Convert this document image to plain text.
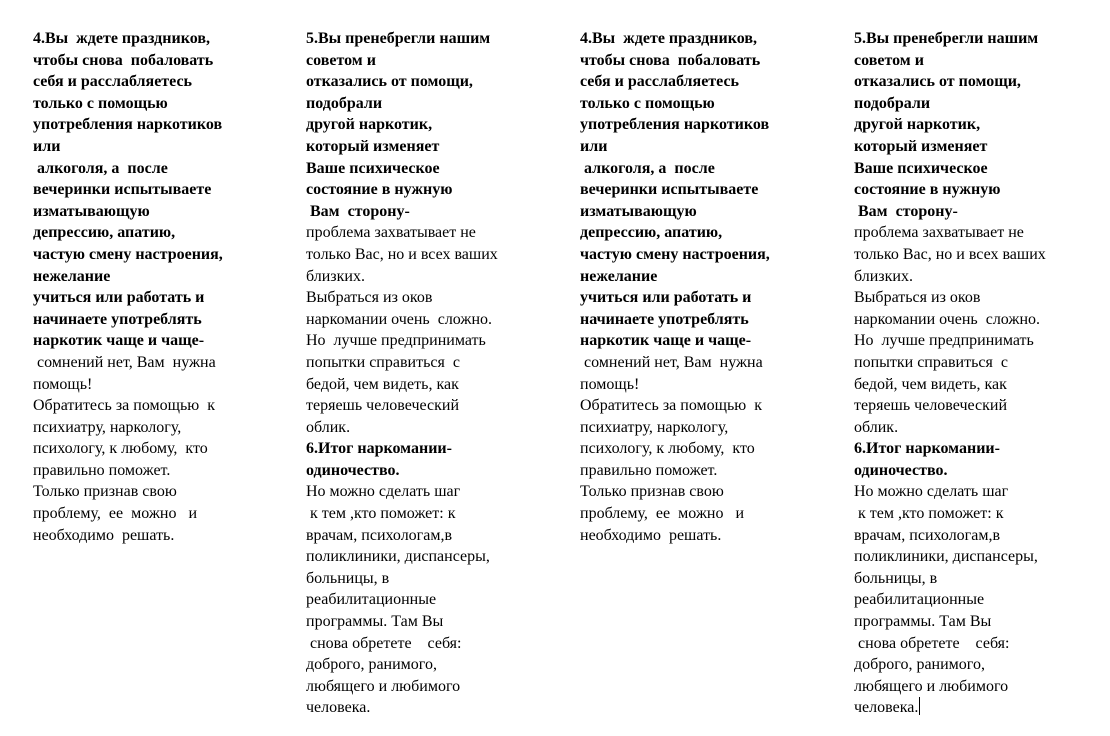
4.Вы  ждете праздников,
чтобы снова  побаловать
себя и расслабляетесь
только с помощью
употребления наркотиков
или
алкоголя, а  после
вечеринки испытываете
изматывающую
депрессию, апатию,
частую смену настроения,
нежелание
учиться или работать и
начинаете употреблять
наркотик чаще и чаще-
сомнений нет, Вам  нужна
помощь!
Обратитесь за помощью  к
психиатру, наркологу,
психологу, к любому,  кто
правильно поможет.
Только признав свою
проблему,  ее  можно   и
необходимо  решать.
5.Вы пренебрегли нашим
советом и
отказались от помощи,
подобрали
другой наркотик,
который изменяет
Ваше психическое
состояние в нужную
Вам  сторону-
проблема захватывает не
только Вас, но и всех ваших
близких.
Выбраться из оков
наркомании очень  сложно.
Но  лучше предпринимать
попытки справиться  с
бедой, чем видеть, как
теряешь человеческий
облик.
6.Итог наркомании-
одиночество.
Но можно сделать шаг
к тем ,кто поможет: к
врачам, психологам,в
поликлиники, диспансеры,
больницы, в
реабилитационные
программы. Там Вы
снова обретете    себя:
доброго, ранимого,
любящего и любимого
человека.
4.Вы  ждете праздников,
чтобы снова  побаловать
себя и расслабляетесь
только с помощью
употребления наркотиков
или
алкоголя, а  после
вечеринки испытываете
изматывающую
депрессию, апатию,
частую смену настроения,
нежелание
учиться или работать и
начинаете употреблять
наркотик чаще и чаще-
сомнений нет, Вам  нужна
помощь!
Обратитесь за помощью  к
психиатру, наркологу,
психологу, к любому,  кто
правильно поможет.
Только признав свою
проблему,  ее  можно   и
необходимо  решать.
5.Вы пренебрегли нашим
советом и
отказались от помощи,
подобрали
другой наркотик,
который изменяет
Ваше психическое
состояние в нужную
Вам  сторону-
проблема захватывает не
только Вас, но и всех ваших
близких.
Выбраться из оков
наркомании очень  сложно.
Но  лучше предпринимать
попытки справиться  с
бедой, чем видеть, как
теряешь человеческий
облик.
6.Итог наркомании-
одиночество.
Но можно сделать шаг
к тем ,кто поможет: к
врачам, психологам,в
поликлиники, диспансеры,
больницы, в
реабилитационные
программы. Там Вы
снова обретете    себя:
доброго, ранимого,
любящего и любимого
человека.
